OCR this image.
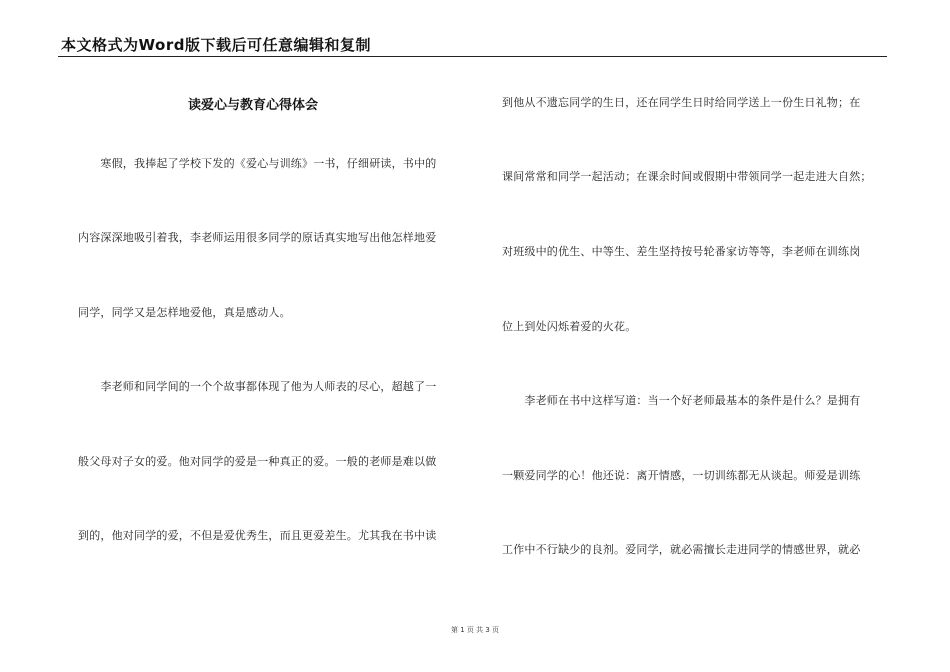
本文格式为Word版下载后可任意编辑和复制
读爱心与教育心得体会
　　寒假，我捧起了学校下发的《爱心与训练》一书，仔细研读，书中的
内容深深地吸引着我，李老师运用很多同学的原话真实地写出他怎样地爱
同学，同学又是怎样地爱他，真是感动人。
　　李老师和同学间的一个个故事都体现了他为人师表的尽心，超越了一
般父母对子女的爱。他对同学的爱是一种真正的爱。一般的老师是难以做
到的，他对同学的爱，不但是爱优秀生，而且更爱差生。尤其我在书中读
到他从不遗忘同学的生日，还在同学生日时给同学送上一份生日礼物；在
课间常常和同学一起活动；在课余时间或假期中带领同学一起走进大自然；
对班级中的优生、中等生、差生坚持按号轮番家访等等，李老师在训练岗
位上到处闪烁着爱的火花。
　　李老师在书中这样写道：当一个好老师最基本的条件是什么？是拥有
一颗爱同学的心！他还说：离开情感，一切训练都无从谈起。师爱是训练
工作中不行缺少的良剂。爱同学，就必需擅长走进同学的情感世界，就必
第 1 页 共 3 页
